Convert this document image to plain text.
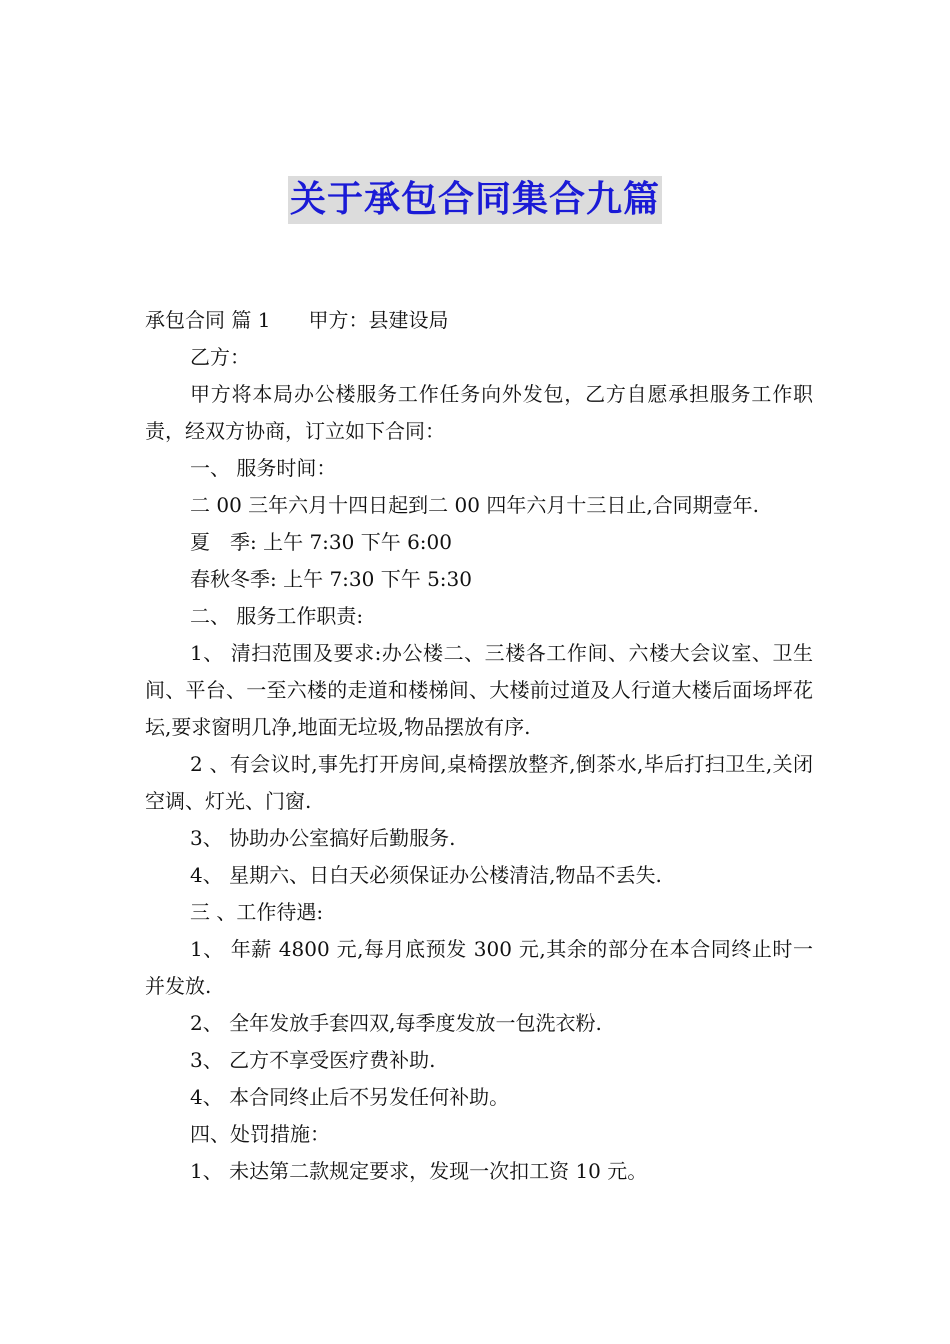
关于承包合同集合九篇
承包合同 篇 1 甲方：县建设局
乙方：
甲方将本局办公楼服务工作任务向外发包，乙方自愿承担服务工作职责，经双方协商，订立如下合同：
一、 服务时间：
二 00 三年六月十四日起到二 00 四年六月十三日止,合同期壹年.
夏　季: 上午 7:30 下午 6:00
春秋冬季: 上午 7:30 下午 5:30
二、 服务工作职责:
1、 清扫范围及要求:办公楼二、三楼各工作间、六楼大会议室、卫生间、平台、一至六楼的走道和楼梯间、大楼前过道及人行道大楼后面场坪花坛,要求窗明几净,地面无垃圾,物品摆放有序.
2 、有会议时,事先打开房间,桌椅摆放整齐,倒茶水,毕后打扫卫生,关闭空调、灯光、门窗.
3、 协助办公室搞好后勤服务.
4、 星期六、日白天必须保证办公楼清洁,物品不丢失.
三 、工作待遇:
1、 年薪 4800 元,每月底预发 300 元,其余的部分在本合同终止时一并发放.
2、 全年发放手套四双,每季度发放一包洗衣粉.
3、 乙方不享受医疗费补助.
4、 本合同终止后不另发任何补助。
四、处罚措施：
1、 未达第二款规定要求，发现一次扣工资 10 元。
